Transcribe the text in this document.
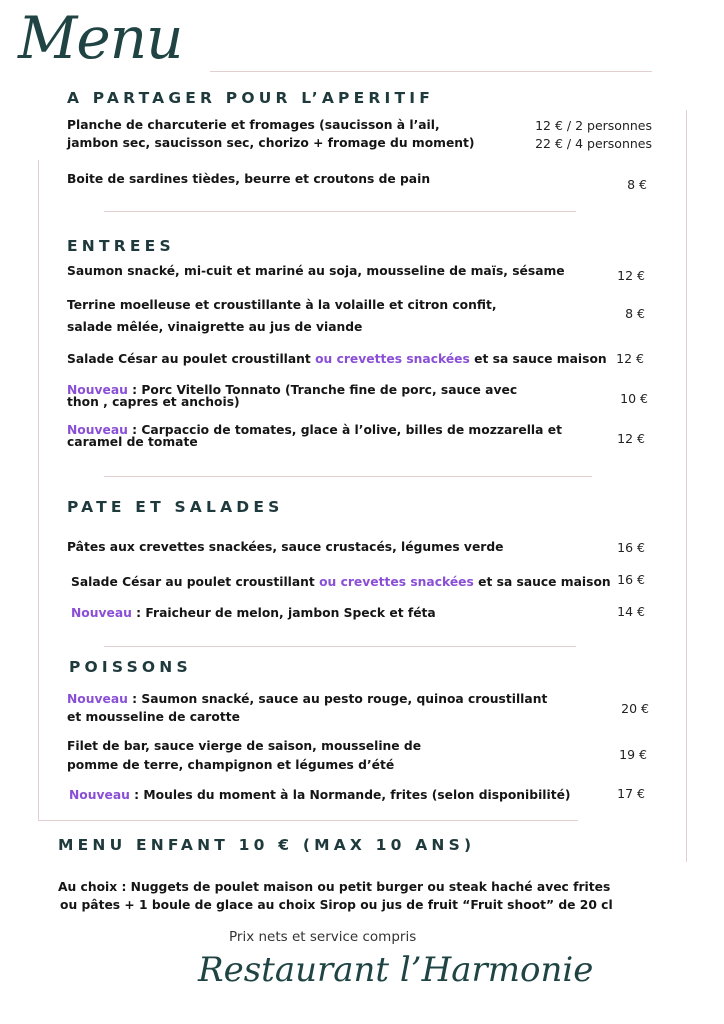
Menu
A PARTAGER POUR L’APERITIF
Planche de charcuterie et fromages (saucisson à l’ail,
jambon sec, saucisson sec, chorizo + fromage du moment)
12 € / 2 personnes
22 € / 4 personnes
Boite de sardines tièdes, beurre et croutons de pain	8 €
ENTREES
Saumon snacké, mi-cuit et mariné au soja, mousseline de maïs, sésame	12 €
Terrine moelleuse et croustillante à la volaille et citron confit,
salade mêlée, vinaigrette au jus de viande
8 €
Salade César au poulet croustillant ou crevettes snackées et sa sauce maison 12 €
Nouveau : Porc Vitello Tonnato (Tranche fine de porc, sauce avec
thon , capres et anchois)	10 €
Nouveau : Carpaccio de tomates, glace à l’olive, billes de mozzarella et
caramel de tomate	12 €
PATE ET SALADES
Pâtes aux crevettes snackées, sauce crustacés, légumes verde	16 €
Salade César au poulet croustillant ou crevettes snackées et sa sauce maison 16 €
Nouveau : Fraicheur de melon, jambon Speck et féta	14 €
POISSONS
Nouveau : Saumon snacké, sauce au pesto rouge, quinoa croustillant
et mousseline de carotte
20 €
Filet de bar, sauce vierge de saison, mousseline de
pomme de terre, champignon et légumes d’été
19 €
Nouveau : Moules du moment à la Normande, frites (selon disponibilité)	17 €
MENU ENFANT 10 € (MAX 10 ANS)
Au choix : Nuggets de poulet maison ou petit burger ou steak haché avec frites
ou pâtes + 1 boule de glace au choix Sirop ou jus de fruit “Fruit shoot” de 20 cl
Prix nets et service compris
Restaurant l’Harmonie
